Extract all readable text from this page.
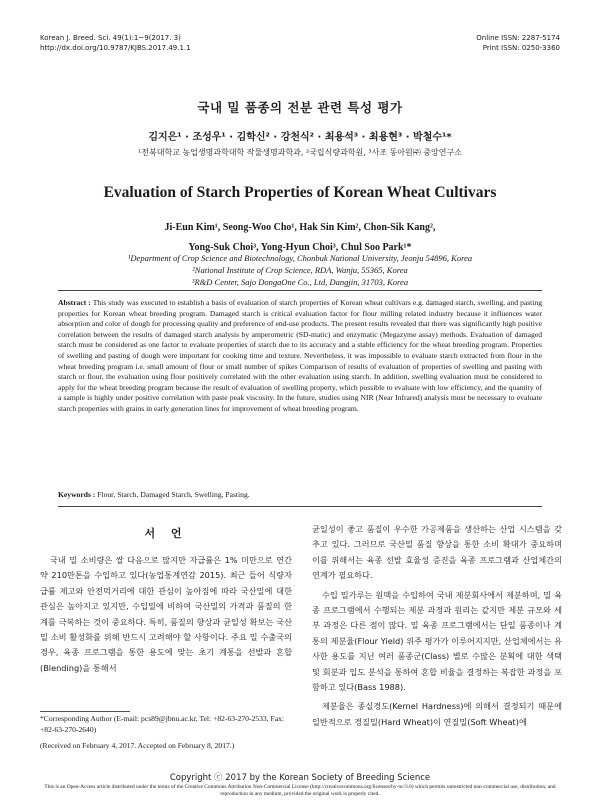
Korean J. Breed. Sci. 49(1):1~9(2017. 3)
http://dx.doi.org/10.9787/KJBS.2017.49.1.1
Online ISSN: 2287-5174
Print ISSN: 0250-3360
국내 밀 품종의 전분 관련 특성 평가
김지은¹ · 조성우¹ · 김학신² · 강천식² · 최용석³ · 최용현³ · 박철수¹*
¹전북대학교 농업생명과학대학 작물생명과학과, ²국립식량과학원, ³사조 동아원㈜ 중앙연구소
Evaluation of Starch Properties of Korean Wheat Cultivars
Ji-Eun Kim¹, Seong-Woo Cho¹, Hak Sin Kim², Chon-Sik Kang²,
Yong-Suk Choi³, Yong-Hyun Choi³, Chul Soo Park¹*
¹Department of Crop Science and Biotechnology, Chonbuk National University, Jeonju 54896, Korea
²National Institute of Crop Science, RDA, Wanju, 55365, Korea
³R&D Center, Sajo DongaOne Co., Ltd, Dangjin, 31703, Korea
Abstract : This study was executed to establish a basis of evaluation of starch properties of Korean wheat cultivars e.g. damaged starch, swelling, and pasting properties for Korean wheat breeding program. Damaged starch is critical evaluation factor for flour milling related industry because it influences water absorption and color of dough for processing quality and preference of end-use products. The present results revealed that there was significantly high positive correlation between the results of damaged starch analysis by amperometric (SD-matic) and enzymatic (Megazyme assay) methods. Evaluation of damaged starch must be considered as one factor to evaluate properties of starch due to its accuracy and a stable efficiency for the wheat breeding program. Properties of swelling and pasting of dough were important for cooking time and texture. Nevertheless, it was impossible to evaluate starch extracted from flour in the wheat breeding program i.e. small amount of flour or small number of spikes Comparison of results of evaluation of properties of swelling and pasting with starch or flour, the evaluation using flour positively correlated with the other evaluation using starch. In addition, swelling evaluation must be considered to apply for the wheat breeding program because the result of evaluation of swelling property, which possible to evaluate with low efficiency, and the quantity of a sample is highly under positive correlation with paste peak viscosity. In the future, studies using NIR (Near Infrared) analysis must be necessary to evaluate starch properties with grains in early generation lines for improvement of wheat breeding program.
Keywords : Flour, Starch, Damaged Starch, Swelling, Pasting.
서 언

국내 밀 소비량은 쌀 다음으로 많지만 자급률은 1% 미만으로 연간 약 210만톤을 수입하고 있다(농업통계연감 2015). 최근 들어 식량자급률 제고와 안전먹거리에 대한 관심이 높아짐에 따라 국산밀에 대한 관심은 높아지고 있지만, 수입밀에 비하여 국산밀의 가격과 품질의 한계를 극복하는 것이 중요하다. 특히, 품질의 향상과 균일성 확보는 국산밀 소비 활성화를 위해 반드시 고려해야 할 사항이다. 주요 밀 수출국의 경우, 육종 프로그램을 통한 용도에 맞는 초기 계통을 선발과 혼합(Blending)을 통해서

균일성이 좋고 품질이 우수한 가공제품을 생산하는 산업 시스템을 갖추고 있다. 그러므로 국산밀 품질 향상을 통한 소비 확대가 중요하며 이를 위해서는 육종 선발 효율성 증진을 육종 프로그램과 산업체간의 연계가 필요하다.

수입 밀가루는 원맥을 수입하여 국내 제분회사에서 제분하며, 밀 육종 프로그램에서 수행되는 제분 과정과 원리는 같지만 제분 규모와 세부 과정은 다른 점이 많다. 밀 육종 프로그램에서는 단일 품종이나 계통의 제분율(Flour Yield) 위주 평가가 이루어지지만, 산업체에서는 유사한 용도를 지닌 여러 품종군(Class) 별로 수많은 분획에 대한 색택 및 회분과 입도 분석을 통하여 혼합 비율을 결정하는 복잡한 과정을 포함하고 있다(Bass 1988).

제분율은 종실경도(Kernel Hardness)에 의해서 결정되기 때문에 일반적으로 경질밀(Hard Wheat)이 연질밀(Soft Wheat)에

*Corresponding Author (E-mail: pcs89@jbnu.ac.kr, Tel: +82-63-270-2533, Fax: +82-63-270-2640)
(Received on February 4, 2017. Accepted on February 8, 2017.)
Copyright ⓒ 2017 by the Korean Society of Breeding Science
This is an Open-Access article distributed under the terms of the Creative Commons Attribution Non-Commercial License (http://creativecommons.org/licenses/by-nc/3.0) which permits unrestricted non-commercial use, distribution, and reproduction in any medium, provided the original work is properly cited.
